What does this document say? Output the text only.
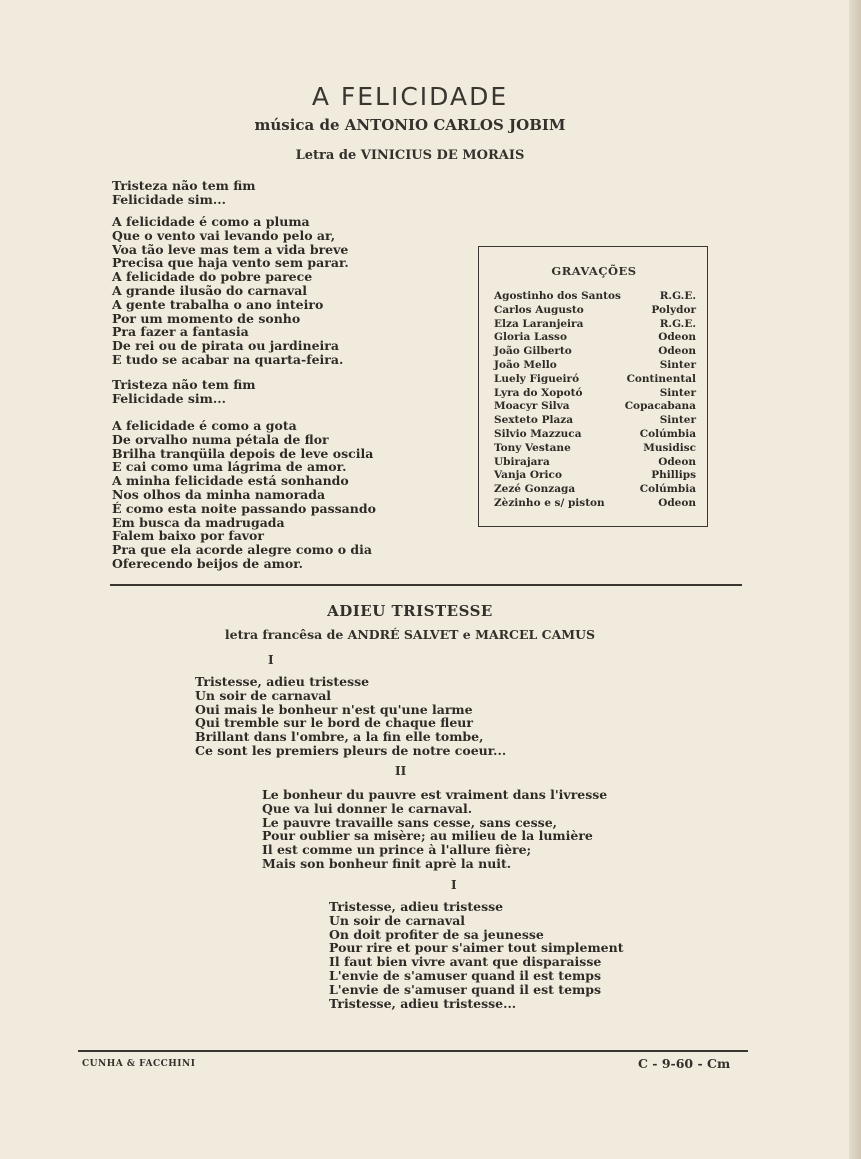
A FELICIDADE
música de ANTONIO CARLOS JOBIM
Letra de VINICIUS DE MORAIS
Tristeza não tem fim
Felicidade sim...
A felicidade é como a pluma
Que o vento vai levando pelo ar,
Voa tão leve mas tem a vida breve
Precisa que haja vento sem parar.
A felicidade do pobre parece
A grande ilusão do carnaval
A gente trabalha o ano inteiro
Por um momento de sonho
Pra fazer a fantasia
De rei ou de pirata ou jardineira
E tudo se acabar na quarta-feira.
Tristeza não tem fim
Felicidade sim...
A felicidade é como a gota
De orvalho numa pétala de flor
Brilha tranqüila depois de leve oscila
E cai como uma lágrima de amor.
A minha felicidade está sonhando
Nos olhos da minha namorada
É como esta noite passando passando
Em busca da madrugada
Falem baixo por favor
Pra que ela acorde alegre como o dia
Oferecendo beijos de amor.
GRAVAÇÕES
Agostinho dos Santos	R.G.E.
Carlos Augusto	Polydor
Elza Laranjeira	R.G.E.
Gloria Lasso	Odeon
João Gilberto	Odeon
João Mello	Sinter
Luely Figueiró	Continental
Lyra do Xopotó	Sinter
Moacyr Silva	Copacabana
Sexteto Plaza	Sinter
Silvio Mazzuca	Colúmbia
Tony Vestane	Musidisc
Ubirajara	Odeon
Vanja Orico	Phillips
Zezé Gonzaga	Colúmbia
Zèzinho e s/ piston	Odeon
ADIEU TRISTESSE
letra francêsa de ANDRÉ SALVET e MARCEL CAMUS
I
Tristesse, adieu tristesse
Un soir de carnaval
Oui mais le bonheur n'est qu'une larme
Qui tremble sur le bord de chaque fleur
Brillant dans l'ombre, a la fin elle tombe,
Ce sont les premiers pleurs de notre coeur...
II
Le bonheur du pauvre est vraiment dans l'ivresse
Que va lui donner le carnaval.
Le pauvre travaille sans cesse, sans cesse,
Pour oublier sa misère; au milieu de la lumière
Il est comme un prince à l'allure fière;
Mais son bonheur finit aprè la nuit.
I
Tristesse, adieu tristesse
Un soir de carnaval
On doit profiter de sa jeunesse
Pour rire et pour s'aimer tout simplement
Il faut bien vivre avant que disparaisse
L'envie de s'amuser quand il est temps
L'envie de s'amuser quand il est temps
Tristesse, adieu tristesse...
CUNHA & FACCHINI	C - 9-60 - Cm
